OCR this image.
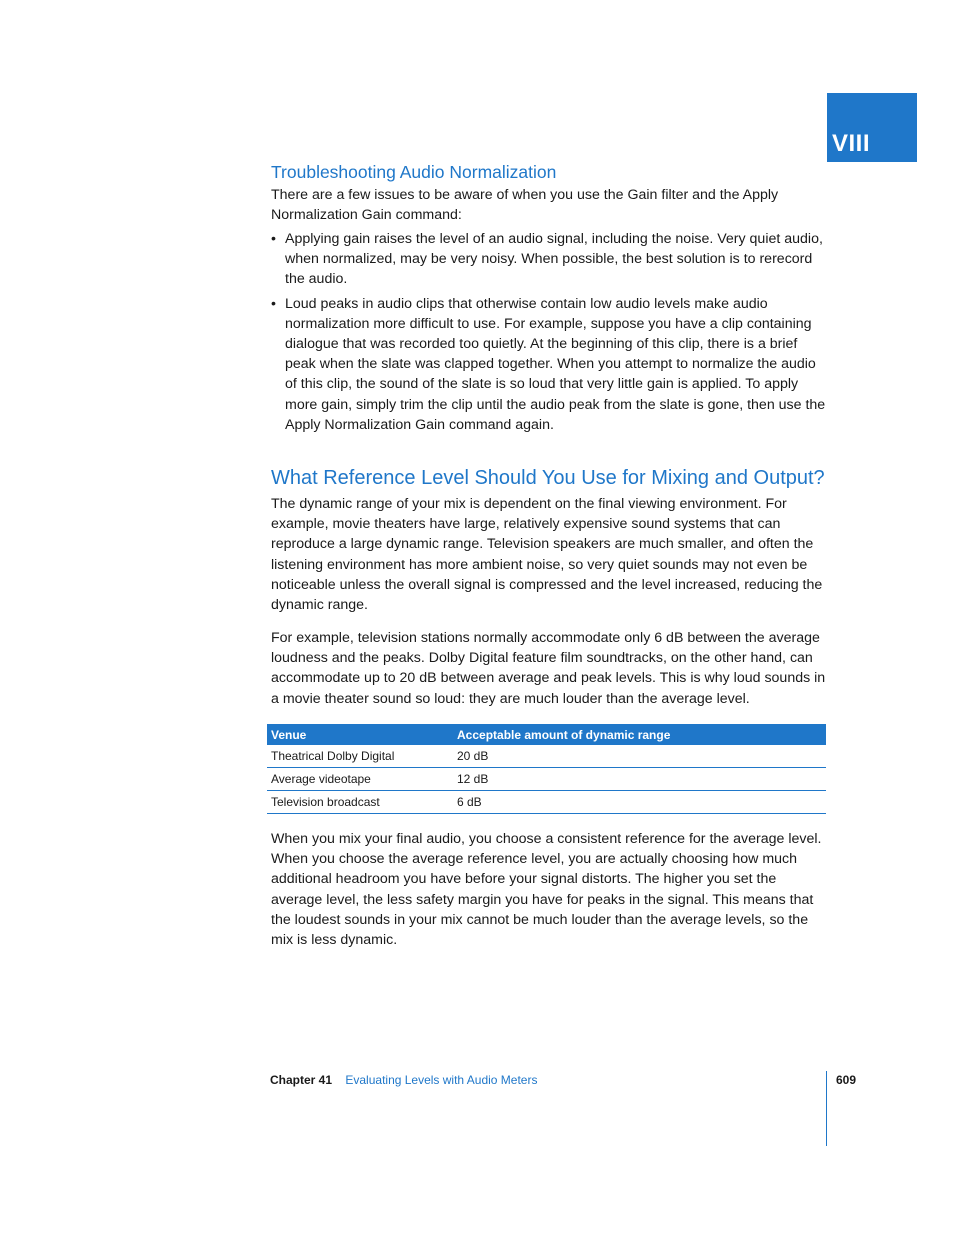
VIII
Troubleshooting Audio Normalization

There are a few issues to be aware of when you use the Gain filter and the Apply Normalization Gain command:

• Applying gain raises the level of an audio signal, including the noise. Very quiet audio, when normalized, may be very noisy. When possible, the best solution is to rerecord the audio.
• Loud peaks in audio clips that otherwise contain low audio levels make audio normalization more difficult to use. For example, suppose you have a clip containing dialogue that was recorded too quietly. At the beginning of this clip, there is a brief peak when the slate was clapped together. When you attempt to normalize the audio of this clip, the sound of the slate is so loud that very little gain is applied. To apply more gain, simply trim the clip until the audio peak from the slate is gone, then use the Apply Normalization Gain command again.
What Reference Level Should You Use for Mixing and Output?

The dynamic range of your mix is dependent on the final viewing environment. For example, movie theaters have large, relatively expensive sound systems that can reproduce a large dynamic range. Television speakers are much smaller, and often the listening environment has more ambient noise, so very quiet sounds may not even be noticeable unless the overall signal is compressed and the level increased, reducing the dynamic range.

For example, television stations normally accommodate only 6 dB between the average loudness and the peaks. Dolby Digital feature film soundtracks, on the other hand, can accommodate up to 20 dB between average and peak levels. This is why loud sounds in a movie theater sound so loud: they are much louder than the average level.

Venue	Acceptable amount of dynamic range
Theatrical Dolby Digital	20 dB
Average videotape	12 dB
Television broadcast	6 dB

When you mix your final audio, you choose a consistent reference for the average level. When you choose the average reference level, you are actually choosing how much additional headroom you have before your signal distorts. The higher you set the average level, the less safety margin you have for peaks in the signal. This means that the loudest sounds in your mix cannot be much louder than the average levels, so the mix is less dynamic.

Chapter 41 Evaluating Levels with Audio Meters	609
